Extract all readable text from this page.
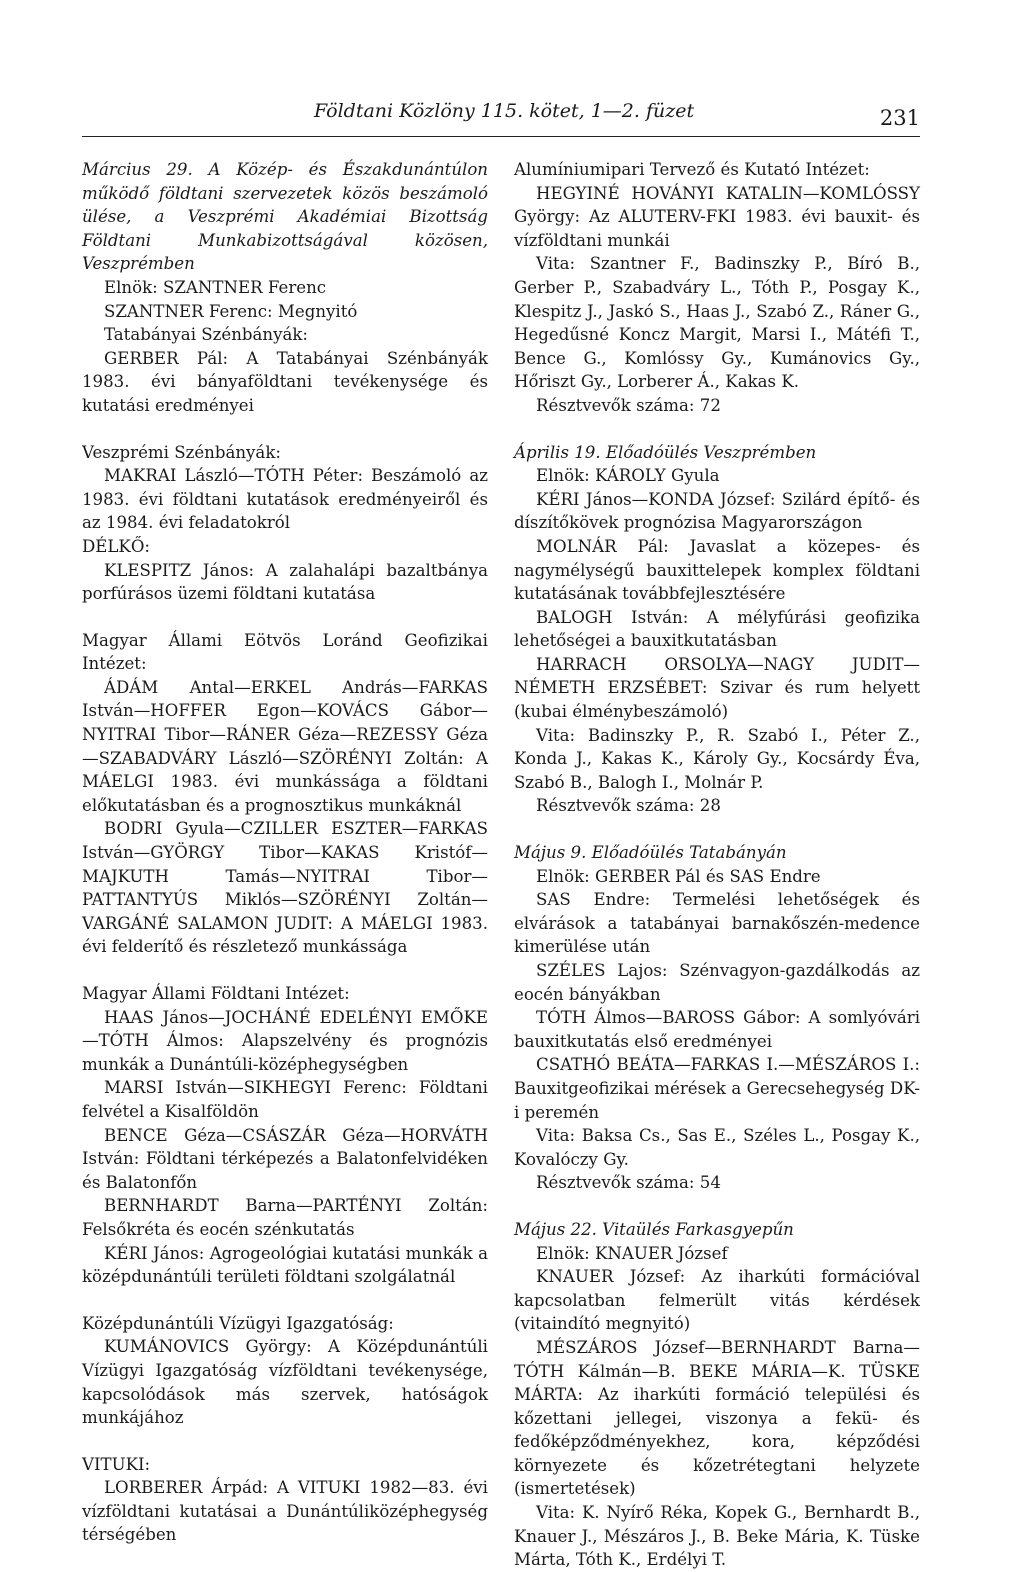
Földtani Közlöny 115. kötet, 1—2. füzet	231
Március 29. A Közép- és Északdunántúlon működő földtani szervezetek közös beszámoló ülése, a Veszprémi Akadémiai Bizottság Földtani Munkabizottságával közösen, Veszprémben
Elnök: SZANTNER Ferenc
SZANTNER Ferenc: Megnyitó
Tatabányai Szénbányák:
GERBER Pál: A Tatabányai Szénbányák 1983. évi bányaföldtani tevékenysége és kutatási eredményei
Veszprémi Szénbányák:
MAKRAI László—TÓTH Péter: Beszámoló az 1983. évi földtani kutatások eredményeiről és az 1984. évi feladatokról
DÉLKŐ:
KLESPITZ János: A zalahalápi bazaltbánya porfúrásos üzemi földtani kutatása
Magyar Állami Eötvös Loránd Geofizikai Intézet:
ÁDÁM Antal—ERKEL András—FARKAS István—HOFFER Egon—KOVÁCS Gábor—NYITRAI Tibor—RÁNER Géza—REZESSY Géza—SZABADVÁRY László—SZÖRÉNYI Zoltán: A MÁELGI 1983. évi munkássága a földtani előkutatásban és a prognosztikus munkáknál
BODRI Gyula—CZILLER ESZTER—FARKAS István—GYÖRGY Tibor—KAKAS Kristóf—MAJKUTH Tamás—NYITRAI Tibor—PATTANTYÚS Miklós—SZÖRÉNYI Zoltán—VARGÁNÉ SALAMON JUDIT: A MÁELGI 1983. évi felderítő és részletező munkássága
Magyar Állami Földtani Intézet:
HAAS János—JOCHÁNÉ EDELÉNYI EMŐKE—TÓTH Álmos: Alapszelvény és prognózis munkák a Dunántúli-középhegységben
MARSI István—SIKHEGYI Ferenc: Földtani felvétel a Kisalföldön
BENCE Géza—CSÁSZÁR Géza—HORVÁTH István: Földtani térképezés a Balatonfelvidéken és Balatonfőn
BERNHARDT Barna—PARTÉNYI Zoltán: Felsőkréta és eocén szénkutatás
KÉRI János: Agrogeológiai kutatási munkák a középdunántúli területi földtani szolgálatnál
Középdunántúli Vízügyi Igazgatóság:
KUMÁNOVICS György: A Középdunántúli Vízügyi Igazgatóság vízföldtani tevékenysége, kapcsolódások más szervek, hatóságok munkájához
VITUKI:
LORBERER Árpád: A VITUKI 1982—83. évi vízföldtani kutatásai a Dunántúliközéphegység térségében
Alumíniumipari Tervező és Kutató Intézet:
HEGYINÉ HOVÁNYI KATALIN—KOMLÓSSY György: Az ALUTERV-FKI 1983. évi bauxit- és vízföldtani munkái
Vita: Szantner F., Badinszky P., Bíró B., Gerber P., Szabadváry L., Tóth P., Posgay K., Klespitz J., Jaskó S., Haas J., Szabó Z., Ráner G., Hegedűsné Koncz Margit, Marsi I., Mátéfi T., Bence G., Komlóssy Gy., Kumánovics Gy., Hőriszt Gy., Lorberer Á., Kakas K.
Résztvevők száma: 72
Április 19. Előadóülés Veszprémben
Elnök: KÁROLY Gyula
KÉRI János—KONDA József: Szilárd építő- és díszítőkövek prognózisa Magyarországon
MOLNÁR Pál: Javaslat a közepes- és nagymélységű bauxittelepek komplex földtani kutatásának továbbfejlesztésére
BALOGH István: A mélyfúrási geofizika lehetőségei a bauxitkutatásban
HARRACH ORSOLYA—NAGY JUDIT—NÉMETH ERZSÉBET: Szivar és rum helyett (kubai élménybeszámoló)
Vita: Badinszky P., R. Szabó I., Péter Z., Konda J., Kakas K., Károly Gy., Kocsárdy Éva, Szabó B., Balogh I., Molnár P.
Résztvevők száma: 28
Május 9. Előadóülés Tatabányán
Elnök: GERBER Pál és SAS Endre
SAS Endre: Termelési lehetőségek és elvárások a tatabányai barnakőszén-medence kimerülése után
SZÉLES Lajos: Szénvagyon-gazdálkodás az eocén bányákban
TÓTH Álmos—BAROSS Gábor: A somlyóvári bauxitkutatás első eredményei
CSATHÓ BEÁTA—FARKAS I.—MÉSZÁROS I.: Bauxitgeofizikai mérések a Gerecsehegység DK-i peremén
Vita: Baksa Cs., Sas E., Széles L., Posgay K., Kovalóczy Gy.
Résztvevők száma: 54
Május 22. Vitaülés Farkasgyepűn
Elnök: KNAUER József
KNAUER József: Az iharkúti formációval kapcsolatban felmerült vitás kérdések (vitaindító megnyitó)
MÉSZÁROS József—BERNHARDT Barna—TÓTH Kálmán—B. BEKE MÁRIA—K. TÜSKE MÁRTA: Az iharkúti formáció települési és kőzettani jellegei, viszonya a fekü- és fedőképződményekhez, kora, képződési környezete és kőzetrétegtani helyzete (ismertetések)
Vita: K. Nyírő Réka, Kopek G., Bernhardt B., Knauer J., Mészáros J., B. Beke Mária, K. Tüske Márta, Tóth K., Erdélyi T.
